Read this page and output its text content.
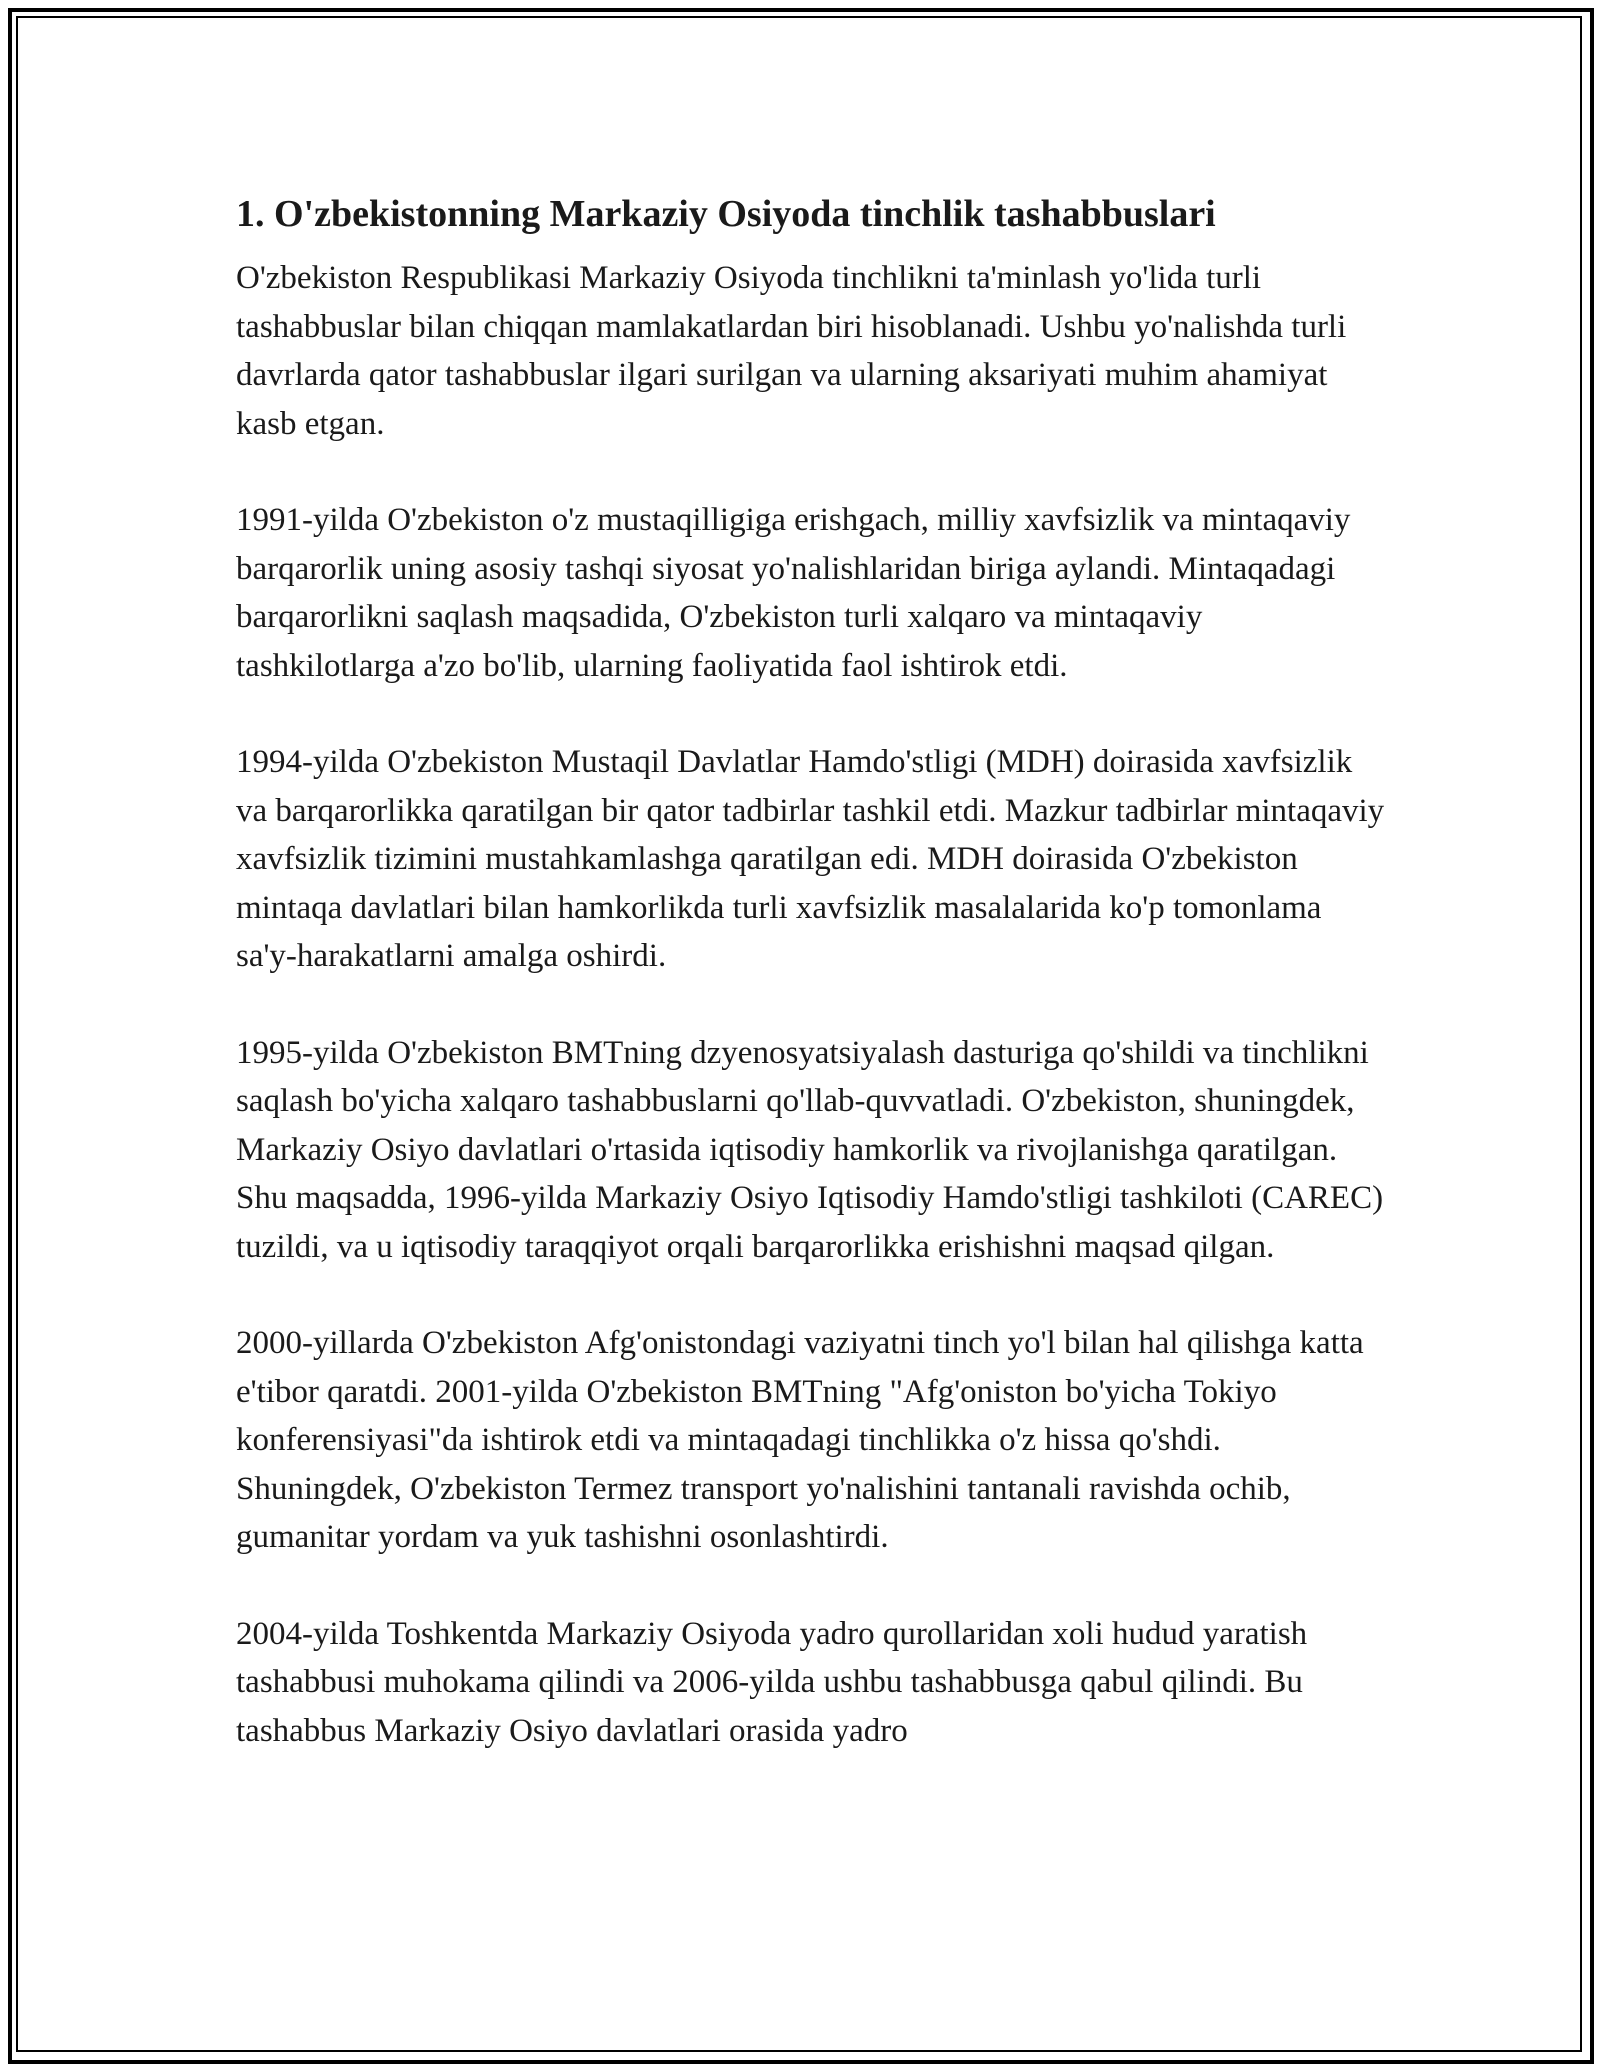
1. O'zbekistonning Markaziy Osiyoda tinchlik tashabbuslari

O'zbekiston Respublikasi Markaziy Osiyoda tinchlikni ta'minlash yo'lida turli tashabbuslar bilan chiqqan mamlakatlardan biri hisoblanadi. Ushbu yo'nalishda turli davrlarda qator tashabbuslar ilgari surilgan va ularning aksariyati muhim ahamiyat kasb etgan.

1991-yilda O'zbekiston o'z mustaqilligiga erishgach, milliy xavfsizlik va mintaqaviy barqarorlik uning asosiy tashqi siyosat yo'nalishlaridan biriga aylandi. Mintaqadagi barqarorlikni saqlash maqsadida, O'zbekiston turli xalqaro va mintaqaviy tashkilotlarga a'zo bo'lib, ularning faoliyatida faol ishtirok etdi.

1994-yilda O'zbekiston Mustaqil Davlatlar Hamdo'stligi (MDH) doirasida xavfsizlik va barqarorlikka qaratilgan bir qator tadbirlar tashkil etdi. Mazkur tadbirlar mintaqaviy xavfsizlik tizimini mustahkamlashga qaratilgan edi. MDH doirasida O'zbekiston mintaqa davlatlari bilan hamkorlikda turli xavfsizlik masalalarida ko'p tomonlama sa'y-harakatlarni amalga oshirdi.

1995-yilda O'zbekiston BMTning dzyenosyatsiyalash dasturiga qo'shildi va tinchlikni saqlash bo'yicha xalqaro tashabbuslarni qo'llab-quvvatladi. O'zbekiston, shuningdek, Markaziy Osiyo davlatlari o'rtasida iqtisodiy hamkorlik va rivojlanishga qaratilgan. Shu maqsadda, 1996-yilda Markaziy Osiyo Iqtisodiy Hamdo'stligi tashkiloti (CAREC) tuzildi, va u iqtisodiy taraqqiyot orqali barqarorlikka erishishni maqsad qilgan.

2000-yillarda O'zbekiston Afg'onistondagi vaziyatni tinch yo'l bilan hal qilishga katta e'tibor qaratdi. 2001-yilda O'zbekiston BMTning "Afg'oniston bo'yicha Tokiyo konferensiyasi"da ishtirok etdi va mintaqadagi tinchlikka o'z hissa qo'shdi. Shuningdek, O'zbekiston Termez transport yo'nalishini tantanali ravishda ochib, gumanitar yordam va yuk tashishni osonlashtirdi.

2004-yilda Toshkentda Markaziy Osiyoda yadro qurollaridan xoli hudud yaratish tashabbusi muhokama qilindi va 2006-yilda ushbu tashabbusga qabul qilindi. Bu tashabbus Markaziy Osiyo davlatlari orasida yadro
